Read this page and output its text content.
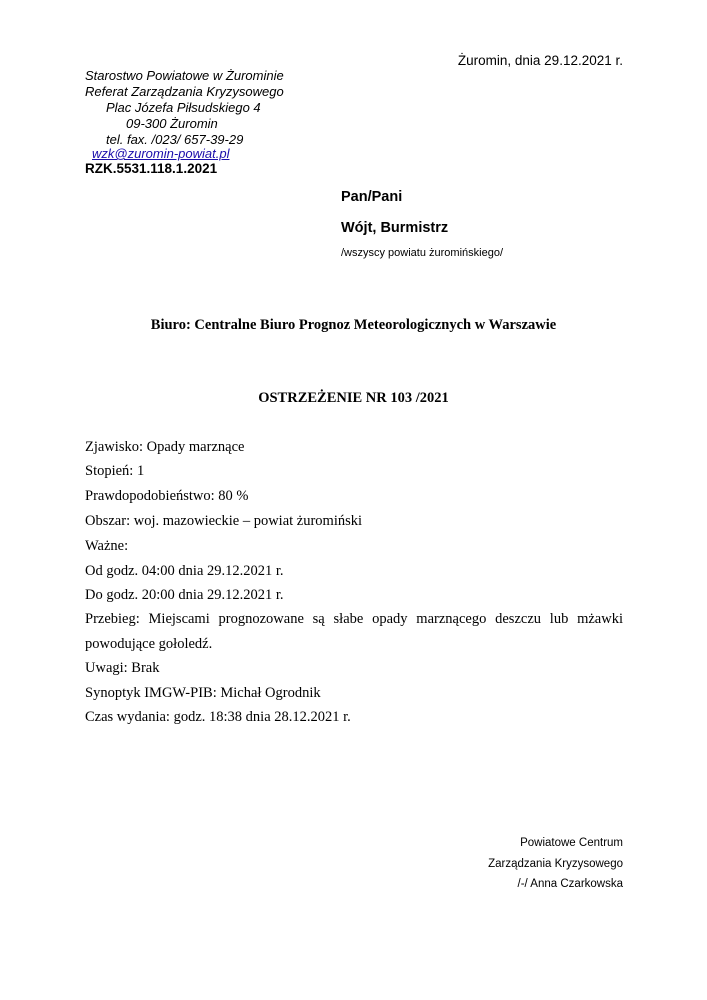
Żuromin, dnia 29.12.2021 r.
Starostwo Powiatowe w Żurominie
Referat Zarządzania Kryzysowego
Plac Józefa Piłsudskiego 4
09-300 Żuromin
tel. fax. /023/ 657-39-29
wzk@zuromin-powiat.pl
RZK.5531.118.1.2021
Pan/Pani
Wójt, Burmistrz
/wszyscy powiatu żuromińskiego/
Biuro: Centralne Biuro Prognoz Meteorologicznych w Warszawie
OSTRZEŻENIE NR 103 /2021
Zjawisko: Opady marznące
Stopień: 1
Prawdopodobieństwo: 80 %
Obszar: woj. mazowieckie – powiat żuromiński
Ważne:
Od godz. 04:00 dnia 29.12.2021 r.
Do godz. 20:00 dnia 29.12.2021 r.
Przebieg: Miejscami prognozowane są słabe opady marznącego deszczu lub mżawki
powodujące gołoledź.
Uwagi: Brak
Synoptyk IMGW-PIB: Michał Ogrodnik
Czas wydania: godz. 18:38 dnia 28.12.2021 r.
Powiatowe Centrum
Zarządzania Kryzysowego
/-/ Anna Czarkowska
